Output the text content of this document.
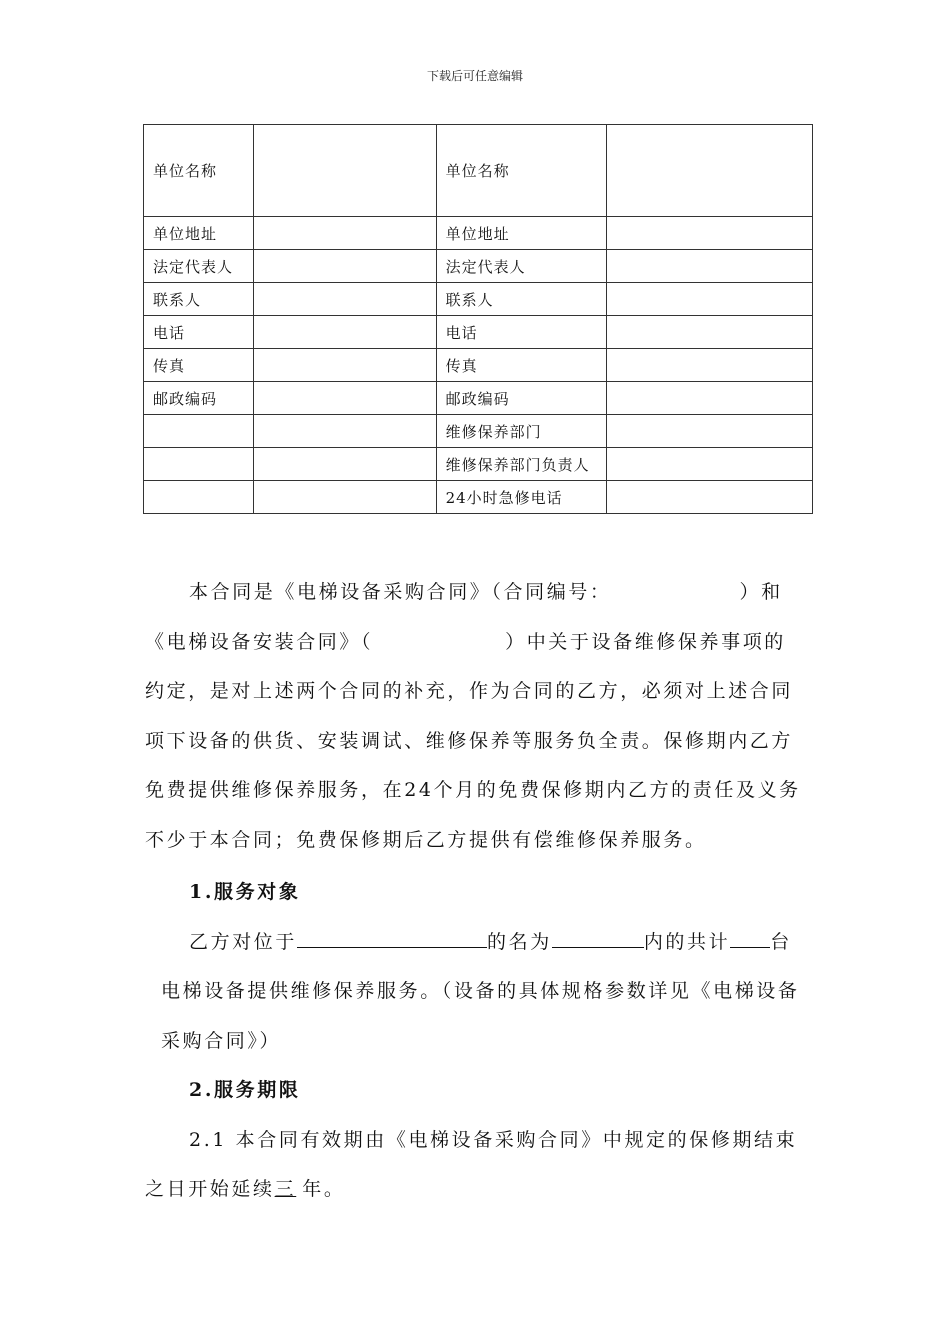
下载后可任意编辑
单位名称		单位名称	
单位地址		单位地址	
法定代表人		法定代表人	
联系人		联系人	
电话		电话	
传真		传真	
邮政编码		邮政编码	
		维修保养部门	
		维修保养部门负责人	
		24小时急修电话	
本合同是《电梯设备采购合同》（合同编号：	）和《电梯设备安装合同》（	）中关于设备维修保养事项的约定，是对上述两个合同的补充，作为合同的乙方，必须对上述合同项下设备的供货、安装调试、维修保养等服务负全责。保修期内乙方免费提供维修保养服务，在24个月的免费保修期内乙方的责任及义务不少于本合同；免费保修期后乙方提供有偿维修保养服务。
1.服务对象
乙方对位于	的名为	内的共计 台
电梯设备提供维修保养服务。（设备的具体规格参数详见《电梯设备采购合同》）
2.服务期限
2.1 本合同有效期由《电梯设备采购合同》中规定的保修期结束之日开始延续三 年。
